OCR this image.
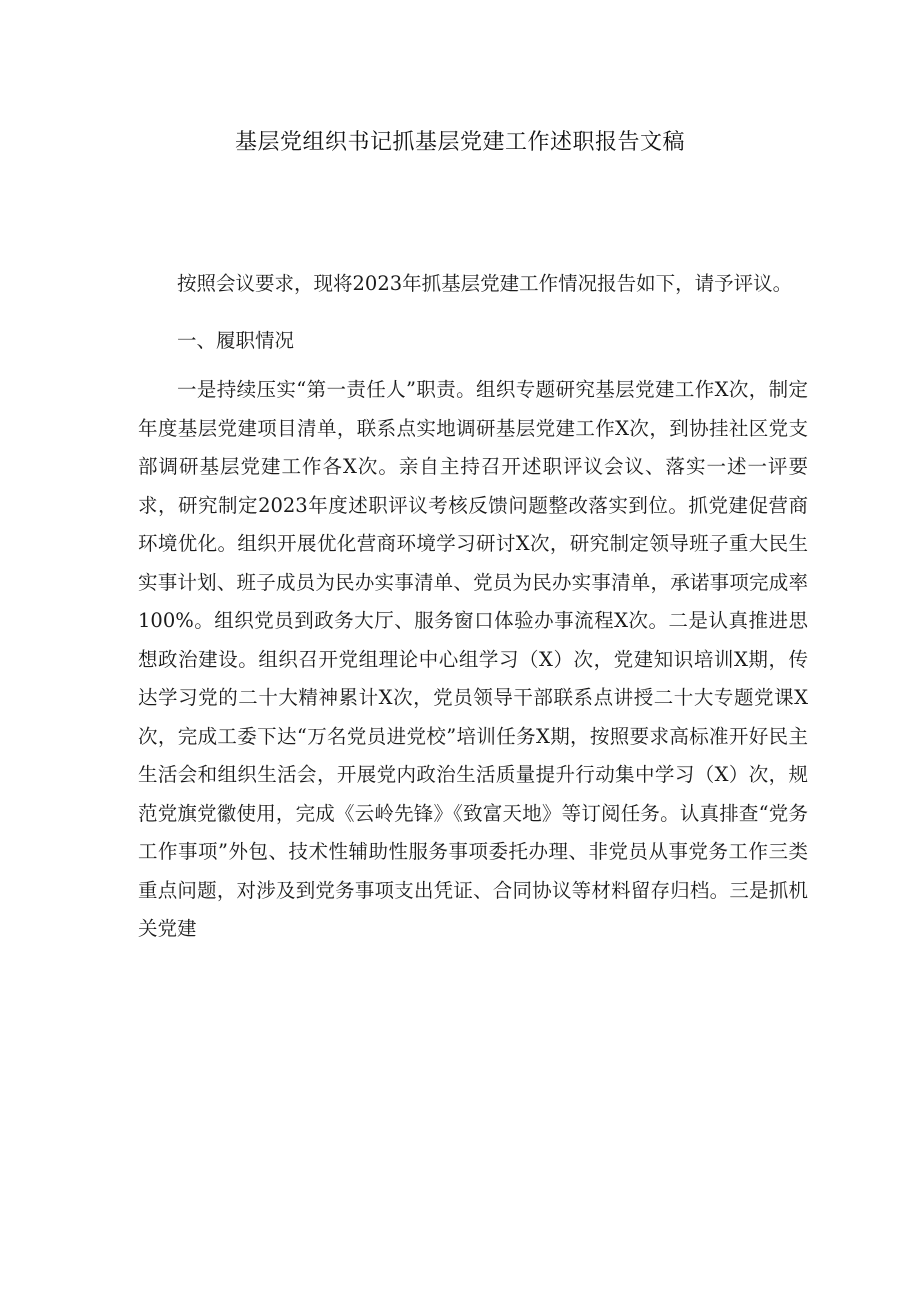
基层党组织书记抓基层党建工作述职报告文稿

按照会议要求，现将2023年抓基层党建工作情况报告如下，请予评议。

一、履职情况

一是持续压实“第一责任人”职责。组织专题研究基层党建工作X次，制定年度基层党建项目清单，联系点实地调研基层党建工作X次，到协挂社区党支部调研基层党建工作各X次。亲自主持召开述职评议会议、落实一述一评要求，研究制定2023年度述职评议考核反馈问题整改落实到位。抓党建促营商环境优化。组织开展优化营商环境学习研讨X次，研究制定领导班子重大民生实事计划、班子成员为民办实事清单、党员为民办实事清单，承诺事项完成率100%。组织党员到政务大厅、服务窗口体验办事流程X次。二是认真推进思想政治建设。组织召开党组理论中心组学习（X）次，党建知识培训X期，传达学习党的二十大精神累计X次，党员领导干部联系点讲授二十大专题党课X次，完成工委下达“万名党员进党校”培训任务X期，按照要求高标准开好民主生活会和组织生活会，开展党内政治生活质量提升行动集中学习（X）次，规范党旗党徽使用，完成《云岭先锋》《致富天地》等订阅任务。认真排查“党务工作事项”外包、技术性辅助性服务事项委托办理、非党员从事党务工作三类重点问题，对涉及到党务事项支出凭证、合同协议等材料留存归档。三是抓机关党建
